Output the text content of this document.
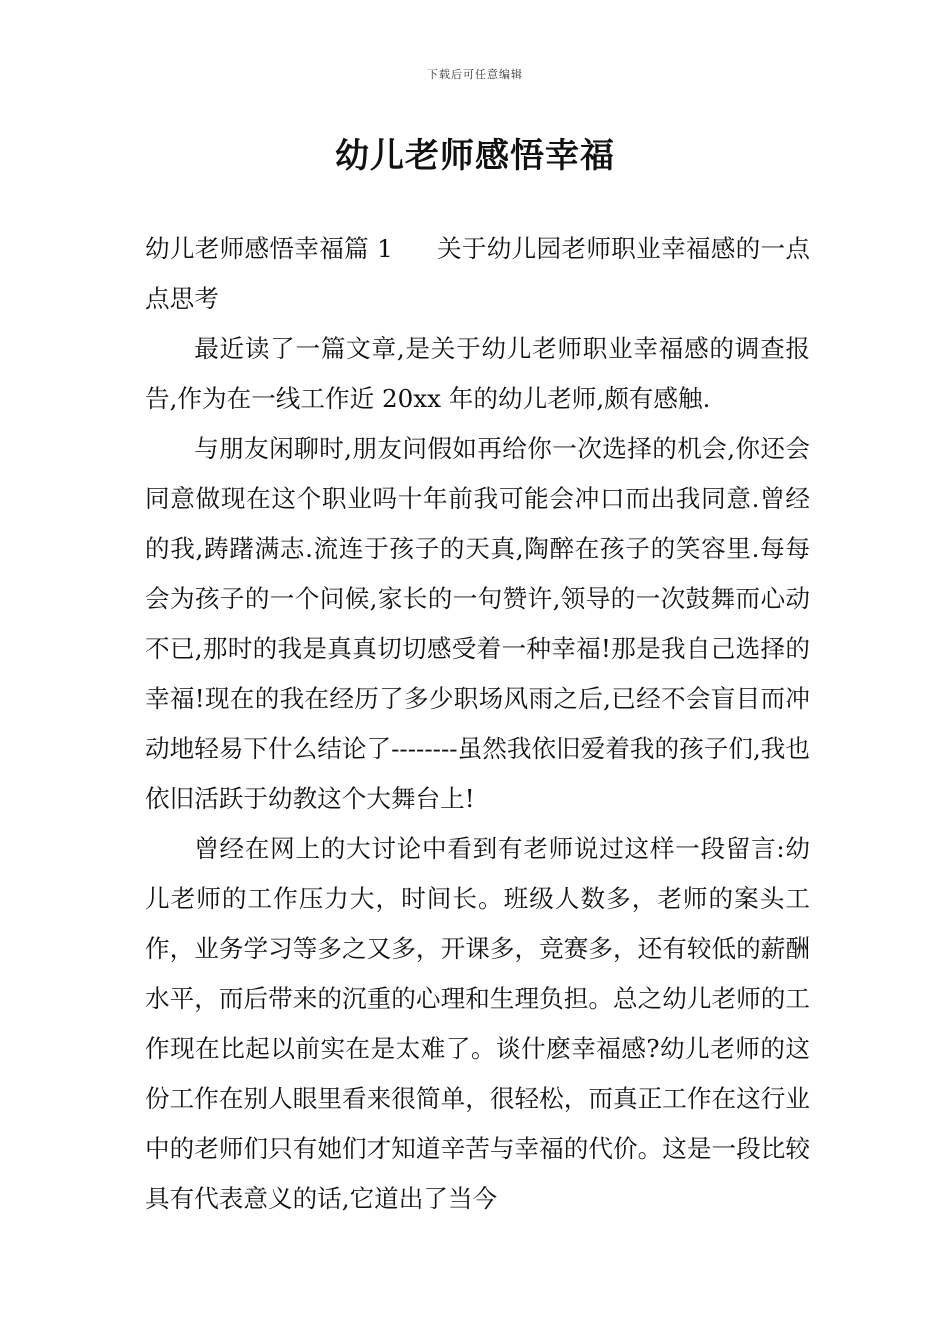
下载后可任意编辑
幼儿老师感悟幸福

幼儿老师感悟幸福篇 1 关于幼儿园老师职业幸福感的一点点思考

最近读了一篇文章,是关于幼儿老师职业幸福感的调查报告,作为在一线工作近 20xx 年的幼儿老师,颇有感触.

与朋友闲聊时,朋友问假如再给你一次选择的机会,你还会同意做现在这个职业吗十年前我可能会冲口而出我同意.曾经的我,踌躇满志.流连于孩子的天真,陶醉在孩子的笑容里.每每会为孩子的一个问候,家长的一句赞许,领导的一次鼓舞而心动不已,那时的我是真真切切感受着一种幸福!那是我自己选择的幸福!现在的我在经历了多少职场风雨之后,已经不会盲目而冲动地轻易下什么结论了--------虽然我依旧爱着我的孩子们,我也依旧活跃于幼教这个大舞台上!

曾经在网上的大讨论中看到有老师说过这样一段留言:幼儿老师的工作压力大，时间长。班级人数多，老师的案头工作，业务学习等多之又多，开课多，竞赛多，还有较低的薪酬水平，而后带来的沉重的心理和生理负担。总之幼儿老师的工作现在比起以前实在是太难了。谈什麽幸福感?幼儿老师的这份工作在别人眼里看来很简单，很轻松，而真正工作在这行业中的老师们只有她们才知道辛苦与幸福的代价。这是一段比较具有代表意义的话,它道出了当今
